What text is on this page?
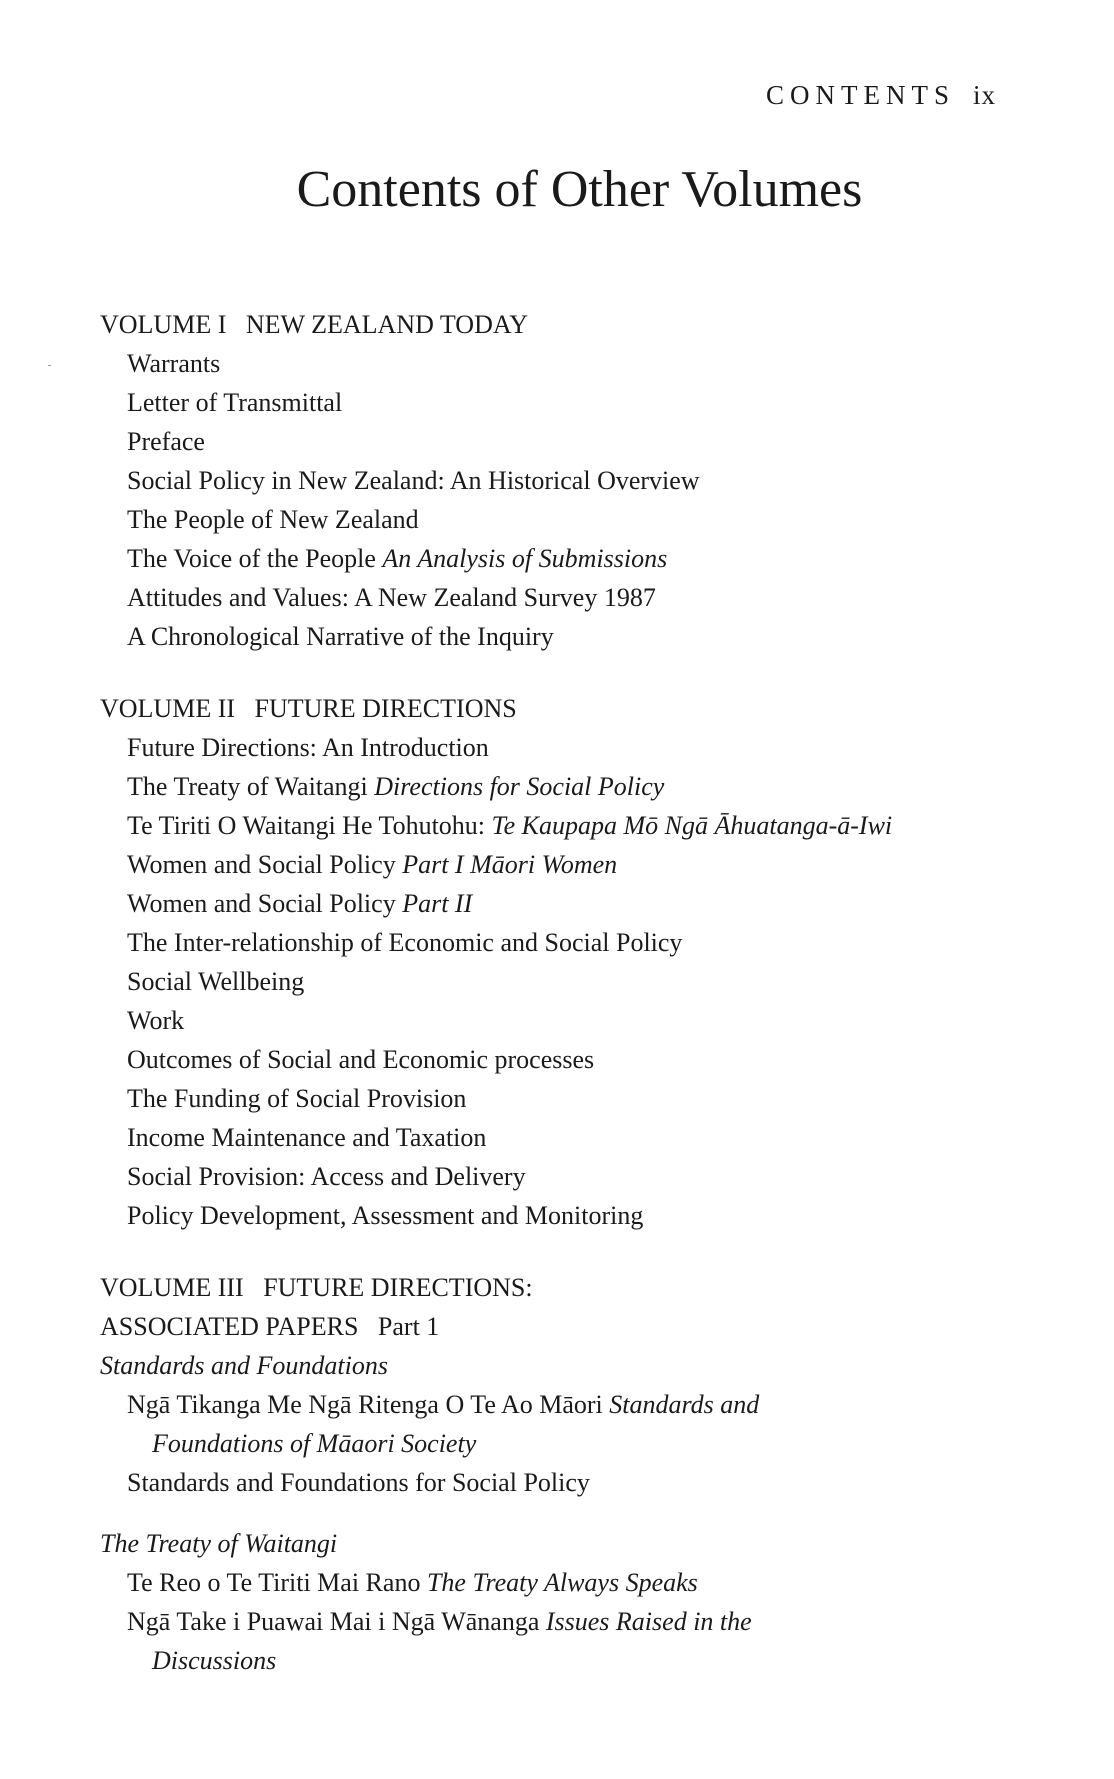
CONTENTS ix
Contents of Other Volumes
VOLUME I NEW ZEALAND TODAY
Warrants
Letter of Transmittal
Preface
Social Policy in New Zealand: An Historical Overview
The People of New Zealand
The Voice of the People An Analysis of Submissions
Attitudes and Values: A New Zealand Survey 1987
A Chronological Narrative of the Inquiry
VOLUME II FUTURE DIRECTIONS
Future Directions: An Introduction
The Treaty of Waitangi Directions for Social Policy
Te Tiriti O Waitangi He Tohutohu: Te Kaupapa Mō Ngā Āhuatanga-ā-Iwi
Women and Social Policy Part I Māori Women
Women and Social Policy Part II
The Inter-relationship of Economic and Social Policy
Social Wellbeing
Work
Outcomes of Social and Economic processes
The Funding of Social Provision
Income Maintenance and Taxation
Social Provision: Access and Delivery
Policy Development, Assessment and Monitoring
VOLUME III FUTURE DIRECTIONS:
ASSOCIATED PAPERS Part 1
Standards and Foundations
Ngā Tikanga Me Ngā Ritenga O Te Ao Māori Standards and
Foundations of Māaori Society
Standards and Foundations for Social Policy
The Treaty of Waitangi
Te Reo o Te Tiriti Mai Rano The Treaty Always Speaks
Ngā Take i Puawai Mai i Ngā Wānanga Issues Raised in the
Discussions
